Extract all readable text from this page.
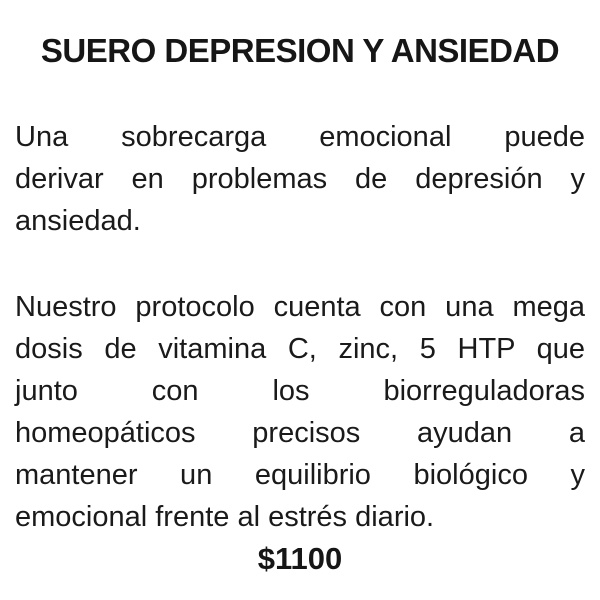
SUERO DEPRESION Y ANSIEDAD
Una sobrecarga emocional puede
derivar en problemas de depresión y
ansiedad.
Nuestro protocolo cuenta con una mega
dosis de vitamina C, zinc, 5 HTP que
junto con los biorreguladoras
homeopáticos precisos ayudan a
mantener un equilibrio biológico y
emocional frente al estrés diario.
$1100
